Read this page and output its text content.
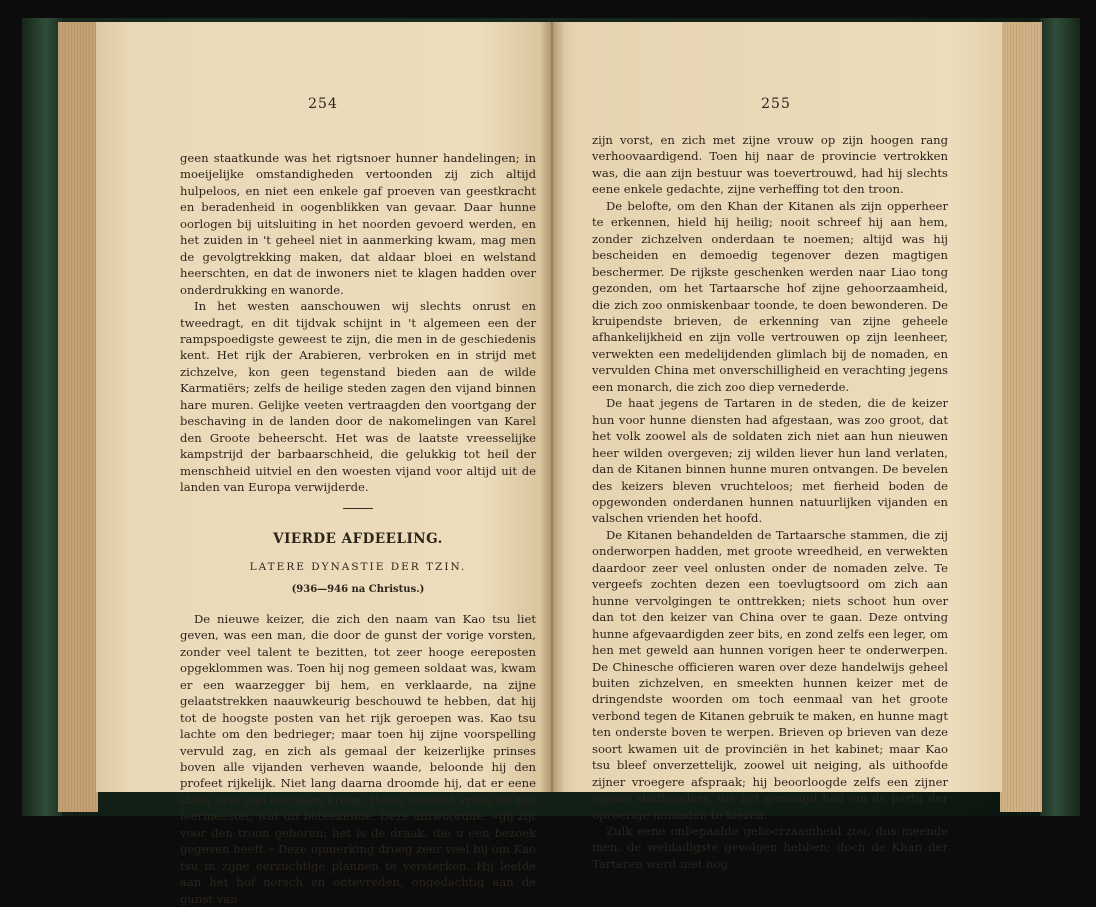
254

geen staatkunde was het rigtsnoer hunner handelingen; in moeijelijke omstandigheden vertoonden zij zich altijd hulpeloos, en niet een enkele gaf proeven van geestkracht en beradenheid in oogenblikken van gevaar. Daar hunne oorlogen bij uitsluiting in het noorden gevoerd werden, en het zuiden in 't geheel niet in aanmerking kwam, mag men de gevolgtrekking maken, dat aldaar bloei en welstand heerschten, en dat de inwoners niet te klagen hadden over onderdrukking en wanorde.

In het westen aanschouwen wij slechts onrust en tweedragt, en dit tijdvak schijnt in 't algemeen een der rampspoedigste geweest te zijn, die men in de geschiedenis kent. Het rijk der Arabieren, verbroken en in strijd met zichzelve, kon geen tegenstand bieden aan de wilde Karmatiërs; zelfs de heilige steden zagen den vijand binnen hare muren. Gelijke veeten vertraagden den voortgang der beschaving in de landen door de nakomelingen van Karel den Groote beheerscht. Het was de laatste vreesselijke kampstrijd der barbaarschheid, die gelukkig tot heil der menschheid uitviel en den woesten vijand voor altijd uit de landen van Europa verwijderde.

VIERDE AFDEELING.
LATERE DYNASTIE DER TZIN.
(936—946 na Christus.)

De nieuwe keizer, die zich den naam van Kao tsu liet geven, was een man, die door de gunst der vorige vorsten, zonder veel talent te bezitten, tot zeer hooge eereposten opgeklommen was. Toen hij nog gemeen soldaat was, kwam er een waarzegger bij hem, en verklaarde, na zijne gelaatstrekken naauwkeurig beschouwd te hebben, dat hij tot de hoogste posten van het rijk geroepen was. Kao tsu lachte om den bedrieger; maar toen hij zijne voorspelling vervuld zag, en zich als gemaal der keizerlijke prinses boven alle vijanden verheven waande, beloonde hij den profeet rijkelijk. Niet lang daarna droomde hij, dat er eene slang over zijn ligchaam kroop. Hevig ontsteld vroeg hij zijn leermeester, wat dit beteekende. Deze antwoordde: «gij zijt voor den troon geboren; het is de draak, die u een bezoek gegeven heeft.» Deze opmerking droeg zeer veel bij om Kao tsu in zijne eerzuchtige plannen te versterken. Hij leefde aan het hof norsch en ontevreden, ongedachtig aan de gunst van

255

zijn vorst, en zich met zijne vrouw op zijn hoogen rang verhoovaardigend. Toen hij naar de provincie vertrokken was, die aan zijn bestuur was toevertrouwd, had hij slechts eene enkele gedachte, zijne verheffing tot den troon.

De belofte, om den Khan der Kitanen als zijn opperheer te erkennen, hield hij heilig; nooit schreef hij aan hem, zonder zichzelven onderdaan te noemen; altijd was hij bescheiden en demoedig tegenover dezen magtigen beschermer. De rijkste geschenken werden naar Liao tong gezonden, om het Tartaarsche hof zijne gehoorzaamheid, die zich zoo onmiskenbaar toonde, te doen bewonderen. De kruipendste brieven, de erkenning van zijne geheele afhankelijkheid en zijn volle vertrouwen op zijn leenheer, verwekten een medelijdenden glimlach bij de nomaden, en vervulden China met onverschilligheid en verachting jegens een monarch, die zich zoo diep vernederde.

De haat jegens de Tartaren in de steden, die de keizer hun voor hunne diensten had afgestaan, was zoo groot, dat het volk zoowel als de soldaten zich niet aan hun nieuwen heer wilden overgeven; zij wilden liever hun land verlaten, dan de Kitanen binnen hunne muren ontvangen. De bevelen des keizers bleven vruchteloos; met fierheid boden de opgewonden onderdanen hunnen natuurlijken vijanden en valschen vrienden het hoofd.

De Kitanen behandelden de Tartaarsche stammen, die zij onderworpen hadden, met groote wreedheid, en verwekten daardoor zeer veel onlusten onder de nomaden zelve. Te vergeefs zochten dezen een toevlugtsoord om zich aan hunne vervolgingen te onttrekken; niets schoot hun over dan tot den keizer van China over te gaan. Deze ontving hunne afgevaardigden zeer bits, en zond zelfs een leger, om hen met geweld aan hunnen vorigen heer te onderwerpen. De Chinesche officieren waren over deze handelwijs geheel buiten zichzelven, en smeekten hunnen keizer met de dringendste woorden om toch eenmaal van het groote verbond tegen de Kitanen gebruik te maken, en hunne magt ten onderste boven te werpen. Brieven op brieven van deze soort kwamen uit de provinciën in het kabinet; maar Kao tsu bleef onverzettelijk, zoowel uit neiging, als uithoofde zijner vroegere afspraak; hij beoorloogde zelfs een zijner eigene stadhouders, die het gewaagd had om de partij der oproerige nomaden te kiezen.

Zulk eene onbepaalde gehoorzaamheid zou, dus meende men, de weldadigste gevolgen hebben; doch de Khan der Tartaren werd met nog
